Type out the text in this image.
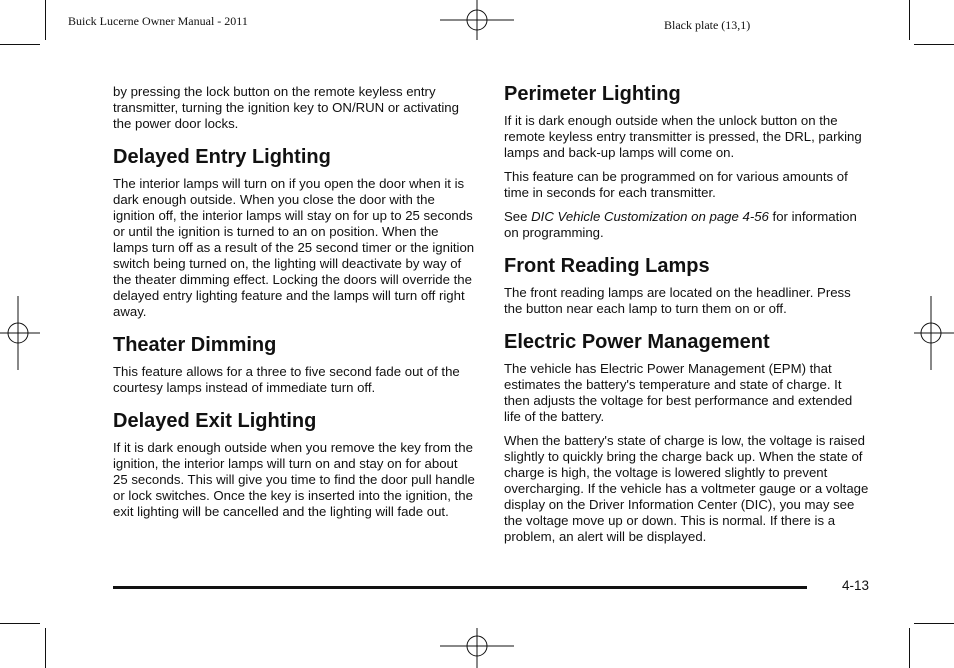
Buick Lucerne Owner Manual - 2011	Black plate (13,1)

by pressing the lock button on the remote keyless entry transmitter, turning the ignition key to ON/RUN or activating the power door locks.

Delayed Entry Lighting

The interior lamps will turn on if you open the door when it is dark enough outside. When you close the door with the ignition off, the interior lamps will stay on for up to 25 seconds or until the ignition is turned to an on position. When the lamps turn off as a result of the 25 second timer or the ignition switch being turned on, the lighting will deactivate by way of the theater dimming effect. Locking the doors will override the delayed entry lighting feature and the lamps will turn off right away.

Theater Dimming

This feature allows for a three to five second fade out of the courtesy lamps instead of immediate turn off.

Delayed Exit Lighting

If it is dark enough outside when you remove the key from the ignition, the interior lamps will turn on and stay on for about 25 seconds. This will give you time to find the door pull handle or lock switches. Once the key is inserted into the ignition, the exit lighting will be cancelled and the lighting will fade out.

Perimeter Lighting

If it is dark enough outside when the unlock button on the remote keyless entry transmitter is pressed, the DRL, parking lamps and back-up lamps will come on.

This feature can be programmed on for various amounts of time in seconds for each transmitter.

See DIC Vehicle Customization on page 4-56 for information on programming.

Front Reading Lamps

The front reading lamps are located on the headliner. Press the button near each lamp to turn them on or off.

Electric Power Management

The vehicle has Electric Power Management (EPM) that estimates the battery's temperature and state of charge. It then adjusts the voltage for best performance and extended life of the battery.

When the battery's state of charge is low, the voltage is raised slightly to quickly bring the charge back up. When the state of charge is high, the voltage is lowered slightly to prevent overcharging. If the vehicle has a voltmeter gauge or a voltage display on the Driver Information Center (DIC), you may see the voltage move up or down. This is normal. If there is a problem, an alert will be displayed.

4-13
